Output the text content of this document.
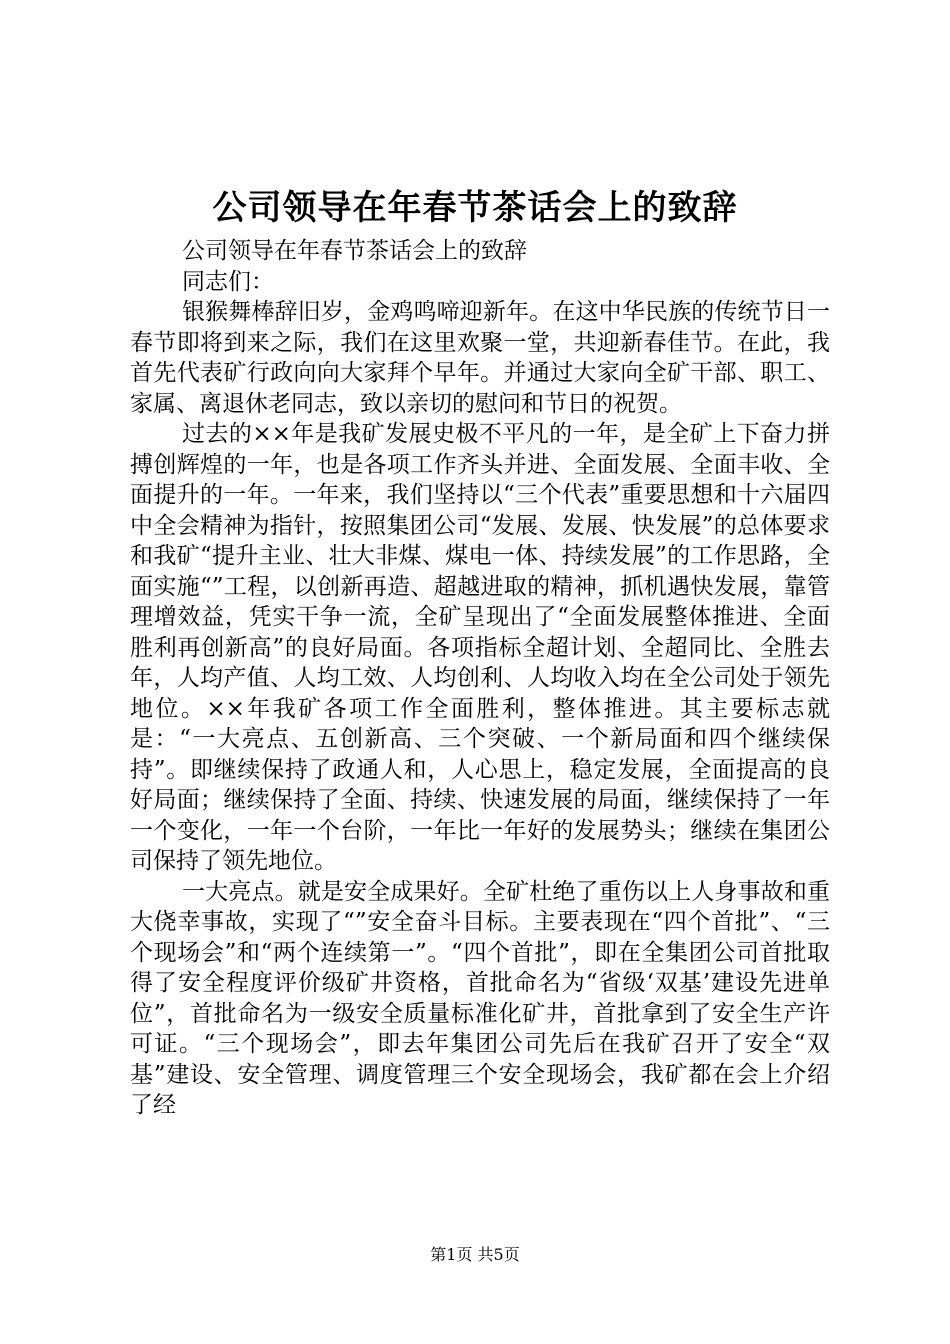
公司领导在年春节茶话会上的致辞

公司领导在年春节茶话会上的致辞

同志们：

银猴舞棒辞旧岁，金鸡鸣啼迎新年。在这中华民族的传统节日一春节即将到来之际，我们在这里欢聚一堂，共迎新春佳节。在此，我首先代表矿行政向向大家拜个早年。并通过大家向全矿干部、职工、家属、离退休老同志，致以亲切的慰问和节日的祝贺。

过去的××年是我矿发展史极不平凡的一年，是全矿上下奋力拼搏创辉煌的一年，也是各项工作齐头并进、全面发展、全面丰收、全面提升的一年。一年来，我们坚持以“三个代表”重要思想和十六届四中全会精神为指针，按照集团公司“发展、发展、快发展”的总体要求和我矿“提升主业、壮大非煤、煤电一体、持续发展”的工作思路，全面实施“”工程，以创新再造、超越进取的精神，抓机遇快发展，靠管理增效益，凭实干争一流，全矿呈现出了“全面发展整体推进、全面胜利再创新高”的良好局面。各项指标全超计划、全超同比、全胜去年，人均产值、人均工效、人均创利、人均收入均在全公司处于领先地位。××年我矿各项工作全面胜利，整体推进。其主要标志就是：“一大亮点、五创新高、三个突破、一个新局面和四个继续保持”。即继续保持了政通人和，人心思上，稳定发展，全面提高的良好局面；继续保持了全面、持续、快速发展的局面，继续保持了一年一个变化，一年一个台阶，一年比一年好的发展势头；继续在集团公司保持了领先地位。

一大亮点。就是安全成果好。全矿杜绝了重伤以上人身事故和重大侥幸事故，实现了“”安全奋斗目标。主要表现在“四个首批”、“三个现场会”和“两个连续第一”。“四个首批”，即在全集团公司首批取得了安全程度评价级矿井资格，首批命名为“省级‘双基’建设先进单位”，首批命名为一级安全质量标准化矿井，首批拿到了安全生产许可证。“三个现场会”，即去年集团公司先后在我矿召开了安全“双基”建设、安全管理、调度管理三个安全现场会，我矿都在会上介绍了经

第1页 共5页
